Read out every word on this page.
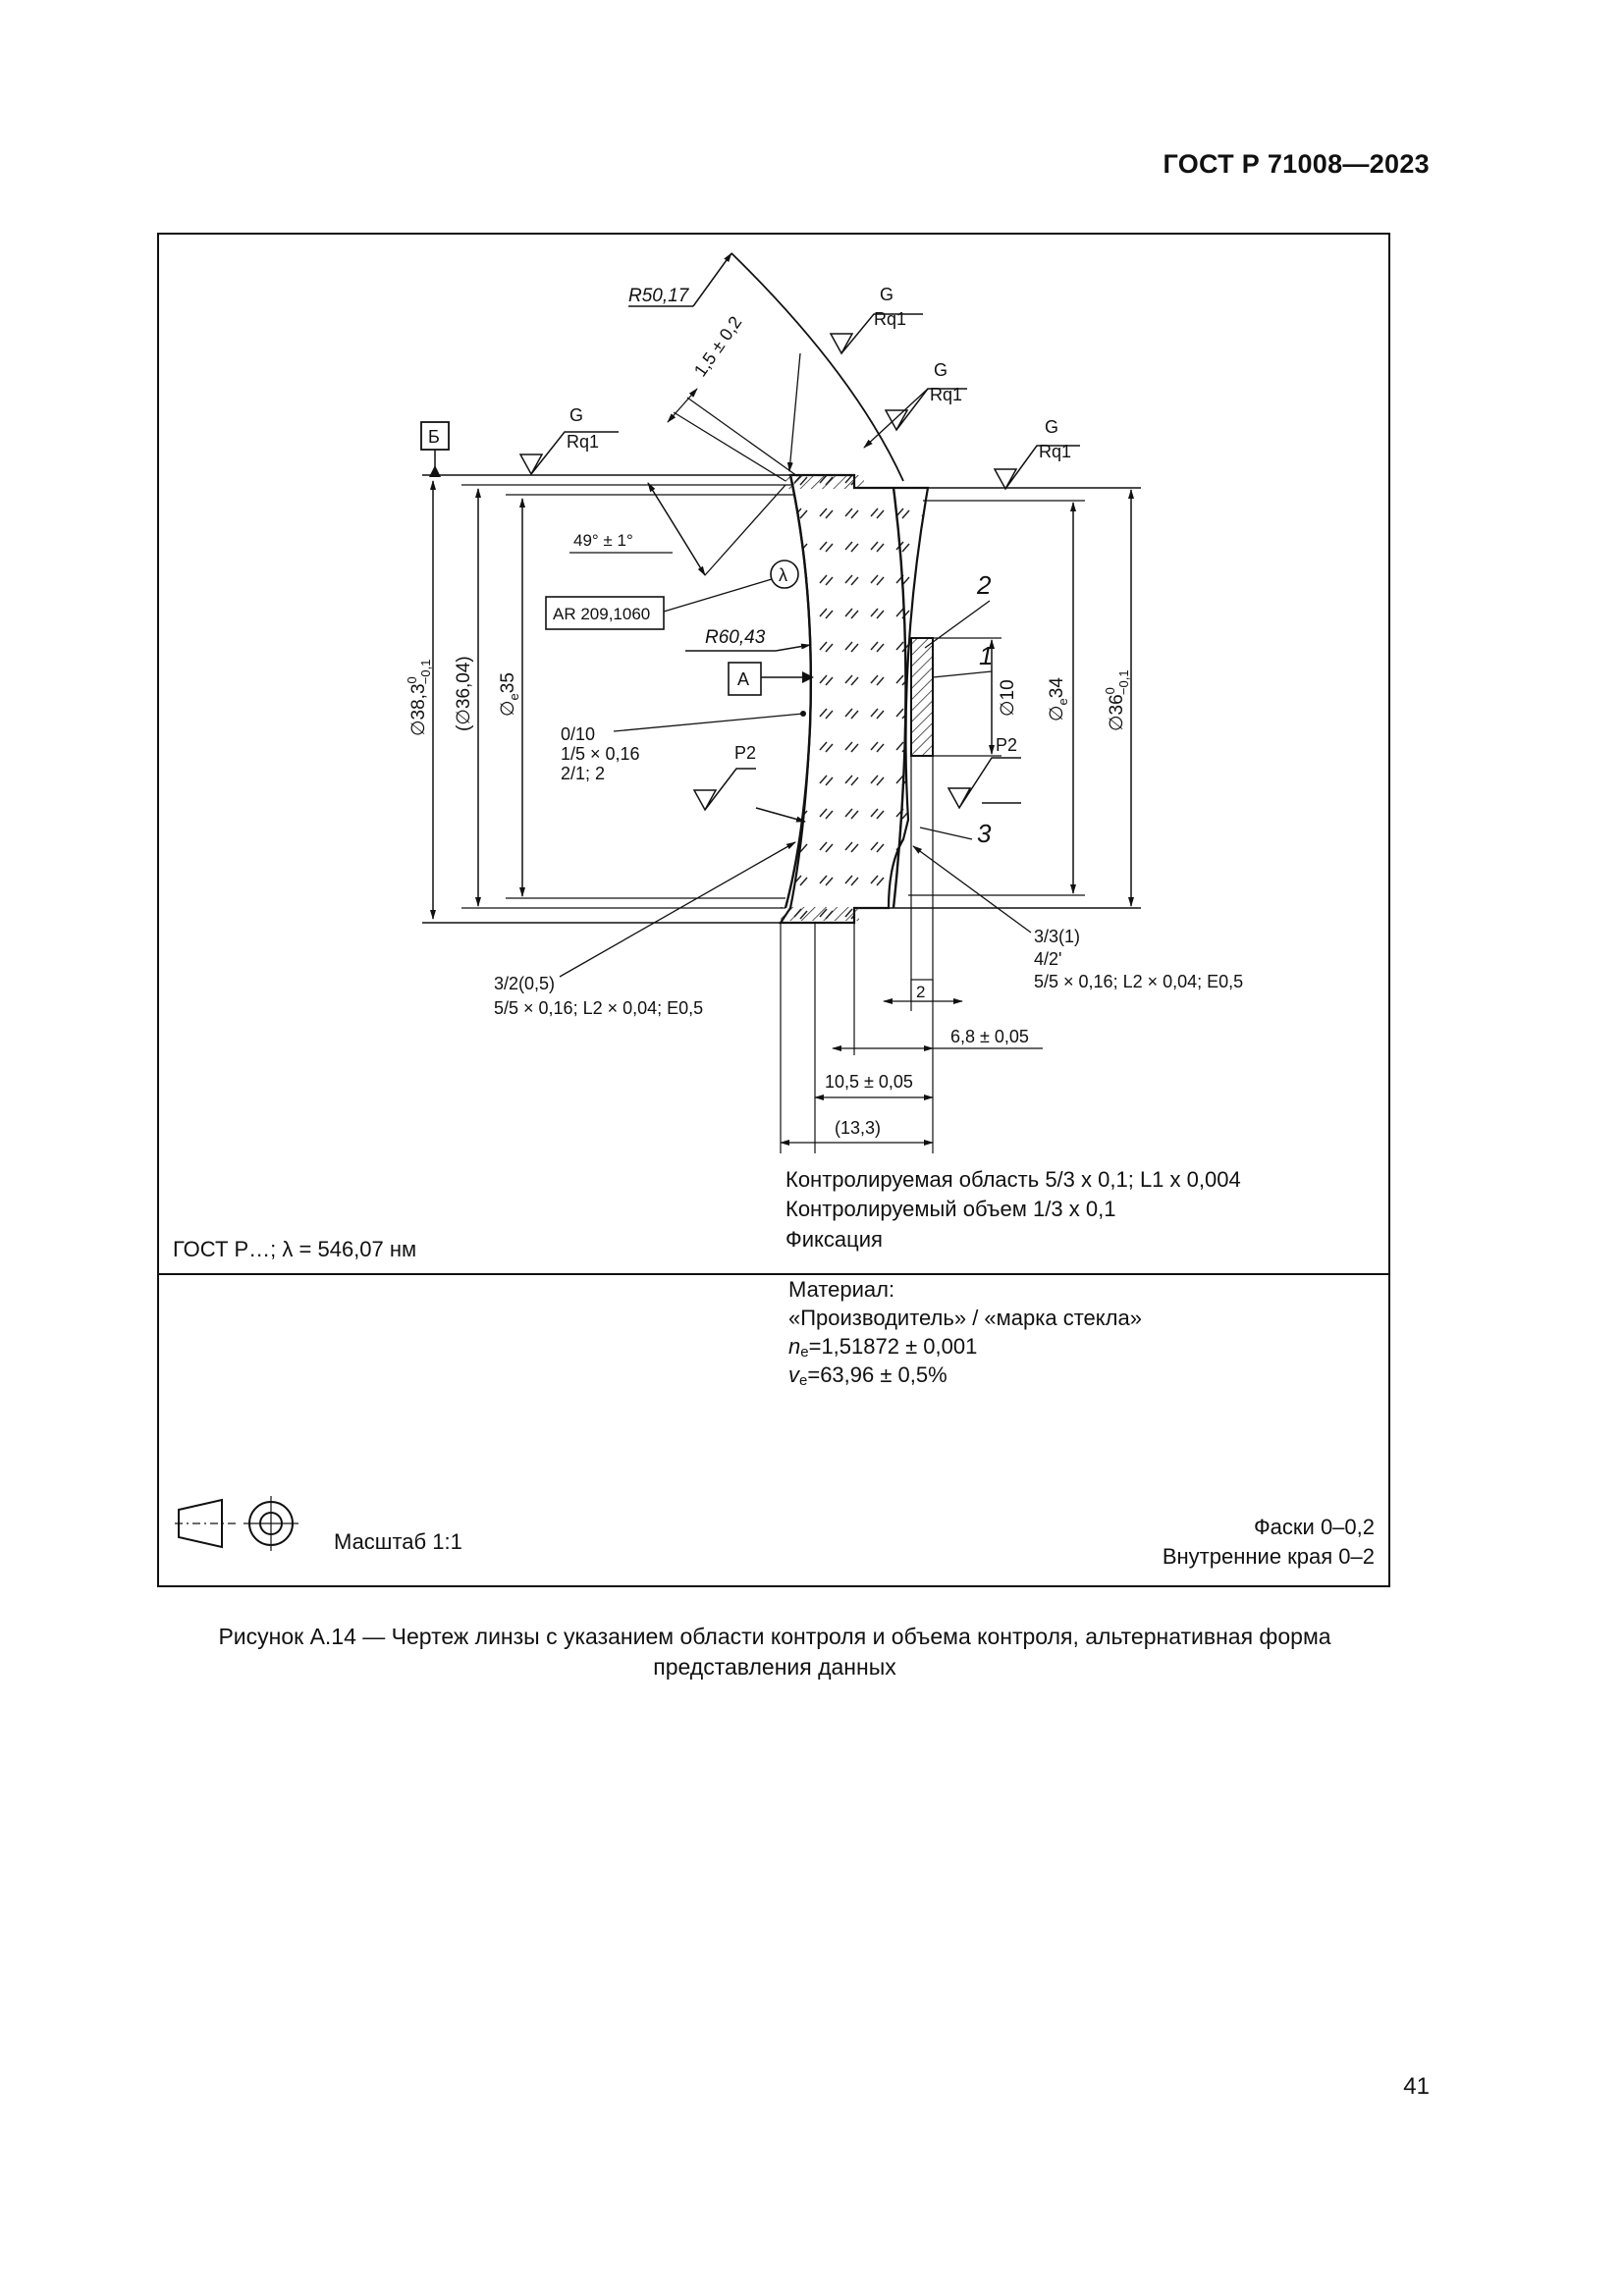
ГОСТ Р 71008—2023
$\emptyset 38,3^0-0,1$ (∅36,04) $\emptyset_e35$	∅10 $\emptyset_e34$
$\emptyset 36^0-0,1$
Б
G
Rq1
G
Rq1
G
Rq1
G
Rq1
P2	P2
R50,17
1,5 ± 0,2
49° ± 1°
λ
AR 209,1060
R60,43
A
0/10
1/5 × 0,16
2/1; 2
2
1
3
3/2(0,5)
5/5 × 0,16; L2 × 0,04; E0,5
3/3(1)
4/2'
5/5 × 0,16; L2 × 0,04; E0,5
2
6,8 ± 0,05
10,5 ± 0,05
(13,3)
Контролируемая область 5/3 x 0,1; L1 x 0,004
Контролируемый объем 1/3 x 0,1
Фиксация
ГОСТ Р…; λ = 546,07 нм
Материал:
«Производитель» / «марка стекла»
$n_e=1,51872 \pm 0,001$
$v_e=63,96 \pm 0,5\%$
Масштаб 1:1
Фаски 0–0,2
Внутренние края 0–2
Рисунок А.14 — Чертеж линзы с указанием области контроля и объема контроля, альтернативная форма
представления данных
41
